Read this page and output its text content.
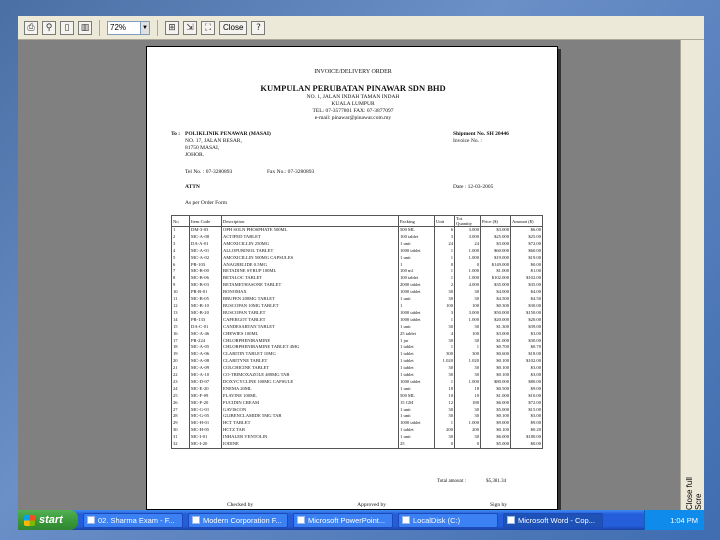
⎙	⚲	▯	▥	72%	▼	⊞	⇲	⛶	Close	?
Close full Scre
INVOICE/DELIVERY ORDER
KUMPULAN PERUBATAN PINAWAR SDN BHD
NO. 1, JALAN INDAH TAMAN INDAH
KUALA LUMPUR
TEL: 07-3577801 FAX: 07-3877097
e-mail: pinawar@pinawar.com.my
To : POLIKLINIK PENAWAR (MASAI)
NO. 17, JALAN BESAR,
81750 MASAI,
JOHOR.
Shipment No. SH 20446
Invoice No. :
Tel No. : 07-3280893	Fax No.: 07-3280893
ATTN	Date : 12-03-2005
As per Order Form
No	Item Code	Description	Packing	Unit	Tot. Quantity	Price ($)	Amount ($)
1	DM-3-03	OPH SOLN PHOSPHATE 500ML	500 ML	6	3.000	$3.000	$6.00
2	MC-A-08	ACTIFED TABLET	100 tablet	3	3.000	$25.000	$25.00
3	DA-A-01	AMOXICILLIN 250MG	1 unit	24	24	$3.000	$72.00
4	MC-A-01	ALLOPURINOL TABLET	1000 tablet	1	1.000	$60.000	$60.00
5	MC-A-02	AMOXICILLIN 500MG CAPSULES	1 unit	1	1.000	$19.000	$19.00
6	PR-103	ANAGRELIDE 0.5MG	1	0	0	$149.000	$0.00
7	MC-B-00	BETADINE SYRUP 100ML	100 ml	1	1.000	$1.000	$1.00
8	MC-B-06	BETALOC TABLET	100 tablet	1	1.000	$102.000	$102.00
9	MC-B-03	BETAMETHASONE TABLET	2000 tablet	2	4.000	$35.000	$35.00
10	PR-B-01	BONOMAX	1000 tablet	30	30	$4.000	$4.00
11	MC-B-05	BRUFEN 200MG TABLET	1 unit	30	30	$4.500	$4.50
12	MC-B-10	BUSCOPAN 10MG TABLET	1	100	100	$0.300	$30.00
13	MC-B-20	BUSCOPAN TABLET	1000 tablet	3	3.000	$50.000	$150.00
14	PR-133	CAFERGOT TABLET	1000 tablet	1	1.000	$20.000	$20.00
15	DA-C-01	CANDESARTAN TABLET	1 unit	30	30	$1.300	$39.00
16	MC-A-46	CHEWIES 100ML	25 tablet	4	100	$3.000	$3.00
17	PR-224	CHLORPHENIRAMINE	1 jar	30	30	$1.000	$30.00
18	MC-A-05	CHLORPHENIRAMINE TABLET 4MG	1 tablet	1	1	$0.700	$0.70
19	MC-A-06	CLARITIN TABLET 10MG	1 tablet	300	300	$0.600	$18.00
20	MC-A-08	CLARITYNE TABLET	1 tablet	1.020	1.020	$0.100	$102.00
21	MC-A-09	COLCHICINE TABLET	1 tablet	30	30	$0.100	$3.00
22	MC-A-10	CO-TRIMOXAZOLE 480MG TAB	1 tablet	30	30	$0.100	$3.00
23	MC-D-07	DOXYCYCLINE 100MG CAPSULE	1000 tablet	1	1.000	$80.000	$80.00
24	MC-E-20	ENEMA 20ML	1 unit	18	18	$0.500	$9.00
25	MC-F-09	FLAVINE 100ML	500 ML	10	10	$1.000	$10.00
26	MC-F-20	FUCIDIN CREAM	15 GM	12	180	$6.000	$72.00
27	MC-G-01	GAVISCON	1 unit	30	30	$5.000	$15.00
28	MC-G-05	GLIBENCLAMIDE 5MG TAB	1 unit	30	30	$0.100	$3.00
29	MC-H-01	HCT TABLET	1000 tablet	1	1.000	$9.000	$9.00
30	MC-H-05	HCTZ TAB	1 tablet	200	200	$0.100	$0.20
31	MC-I-01	INHALER VENTOLIN	1 unit	30	30	$6.000	$180.00
32	MC-I-20	IODINE	25	0	0	$5.000	$0.00
Total amount :	$5,381.34
Checked by	Approved by	Sign by
start	02. Sharma Exam - F...	Modern Corporation F...	Microsoft PowerPoint...	LocalDisk (C:)	Microsoft Word - Cop...	1:04 PM
